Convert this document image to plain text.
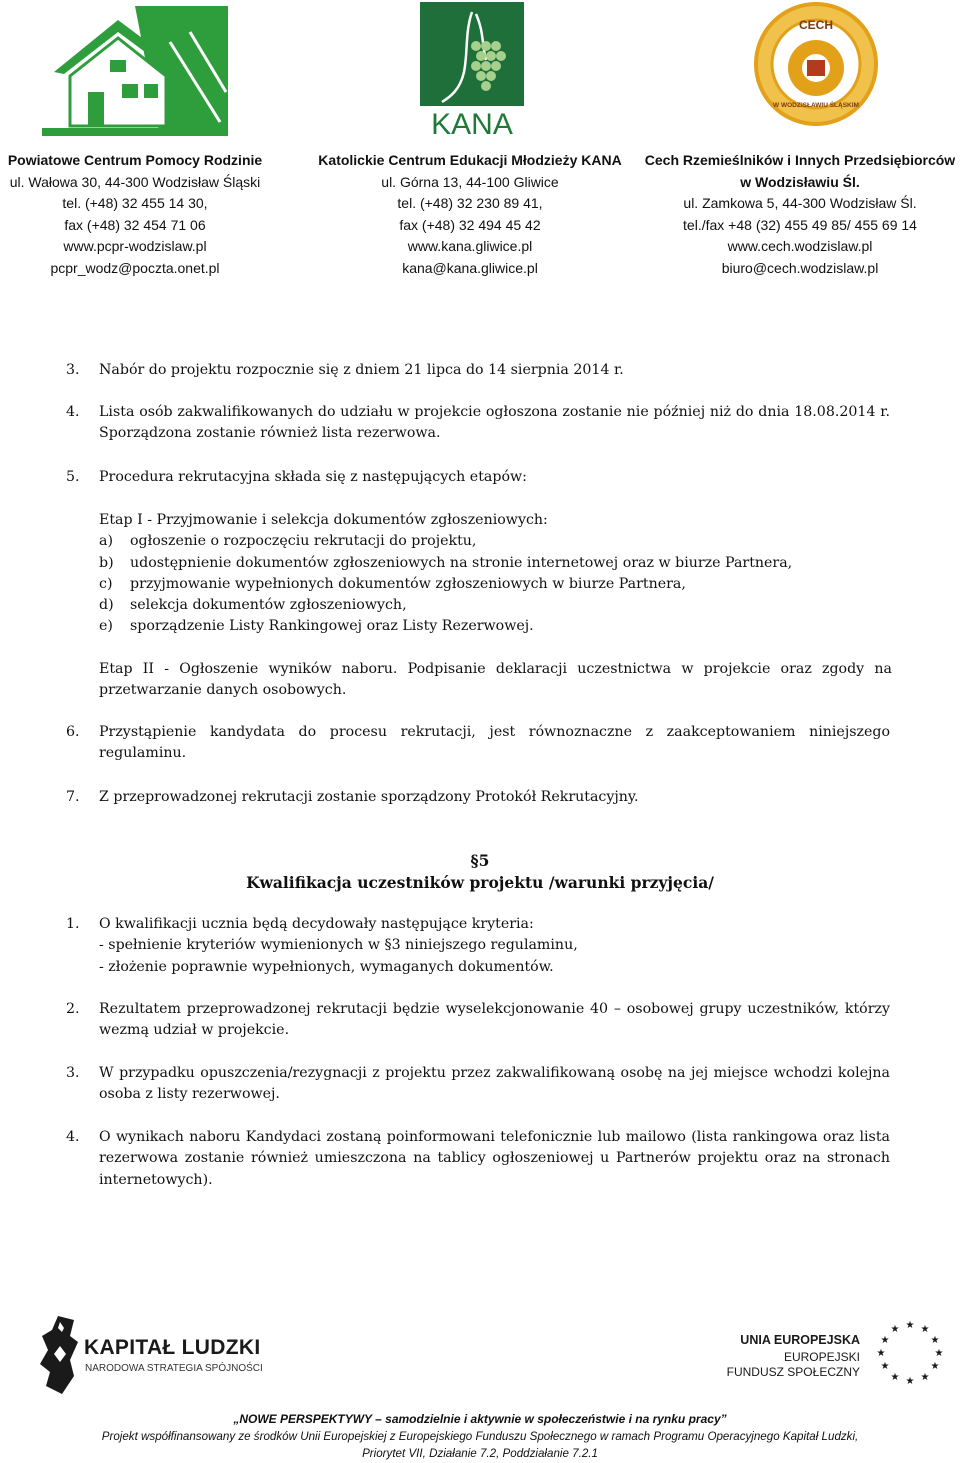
KANA
CECH
W WODZISŁAWIU ŚLĄSKIM
Powiatowe Centrum Pomocy Rodzinie
ul. Wałowa 30, 44-300 Wodzisław Śląski
tel. (+48) 32 455 14 30,
fax (+48) 32 454 71 06
www.pcpr-wodzislaw.pl
pcpr_wodz@poczta.onet.pl
Katolickie Centrum Edukacji Młodzieży KANA
ul. Górna 13, 44-100 Gliwice
tel. (+48) 32 230 89 41,
fax (+48) 32 494 45 42
www.kana.gliwice.pl
kana@kana.gliwice.pl
Cech Rzemieślników i Innych Przedsiębiorców
w Wodzisławiu Śl.
ul. Zamkowa 5, 44-300 Wodzisław Śl.
tel./fax +48 (32) 455 49 85/ 455 69 14
www.cech.wodzislaw.pl
biuro@cech.wodzislaw.pl
3. Nabór do projektu rozpocznie się z dniem 21 lipca do 14 sierpnia 2014 r.
4. Lista osób zakwalifikowanych do udziału w projekcie ogłoszona zostanie nie później niż do dnia 18.08.2014 r. Sporządzona zostanie również lista rezerwowa.
5. Procedura rekrutacyjna składa się z następujących etapów:
Etap I - Przyjmowanie i selekcja dokumentów zgłoszeniowych:
a) ogłoszenie o rozpoczęciu rekrutacji do projektu,
b) udostępnienie dokumentów zgłoszeniowych na stronie internetowej oraz w biurze Partnera,
c) przyjmowanie wypełnionych dokumentów zgłoszeniowych w biurze Partnera,
d) selekcja dokumentów zgłoszeniowych,
e) sporządzenie Listy Rankingowej oraz Listy Rezerwowej.
Etap II - Ogłoszenie wyników naboru. Podpisanie deklaracji uczestnictwa w projekcie oraz zgody na przetwarzanie danych osobowych.
6. Przystąpienie kandydata do procesu rekrutacji, jest równoznaczne z zaakceptowaniem niniejszego regulaminu.
7. Z przeprowadzonej rekrutacji zostanie sporządzony Protokół Rekrutacyjny.
§5
Kwalifikacja uczestników projektu /warunki przyjęcia/
1. O kwalifikacji ucznia będą decydowały następujące kryteria:
- spełnienie kryteriów wymienionych w §3 niniejszego regulaminu,
- złożenie poprawnie wypełnionych, wymaganych dokumentów.
2. Rezultatem przeprowadzonej rekrutacji będzie wyselekcjonowanie 40 – osobowej grupy uczestników, którzy wezmą udział w projekcie.
3. W przypadku opuszczenia/rezygnacji z projektu przez zakwalifikowaną osobę na jej miejsce wchodzi kolejna osoba z listy rezerwowej.
4. O wynikach naboru Kandydaci zostaną poinformowani telefonicznie lub mailowo (lista rankingowa oraz lista rezerwowa zostanie również umieszczona na tablicy ogłoszeniowej u Partnerów projektu oraz na stronach internetowych).
KAPITAŁ LUDZKI
NARODOWA STRATEGIA SPÓJNOŚCI
UNIA EUROPEJSKA
EUROPEJSKI
FUNDUSZ SPOŁECZNY
★ ★
★
★
★
★
★
★
★
★
★
★
„NOWE PERSPEKTYWY – samodzielnie i aktywnie w społeczeństwie i na rynku pracy”
Projekt współfinansowany ze środków Unii Europejskiej z Europejskiego Funduszu Społecznego w ramach Programu Operacyjnego Kapitał Ludzki,
Priorytet VII, Działanie 7.2, Poddziałanie 7.2.1
